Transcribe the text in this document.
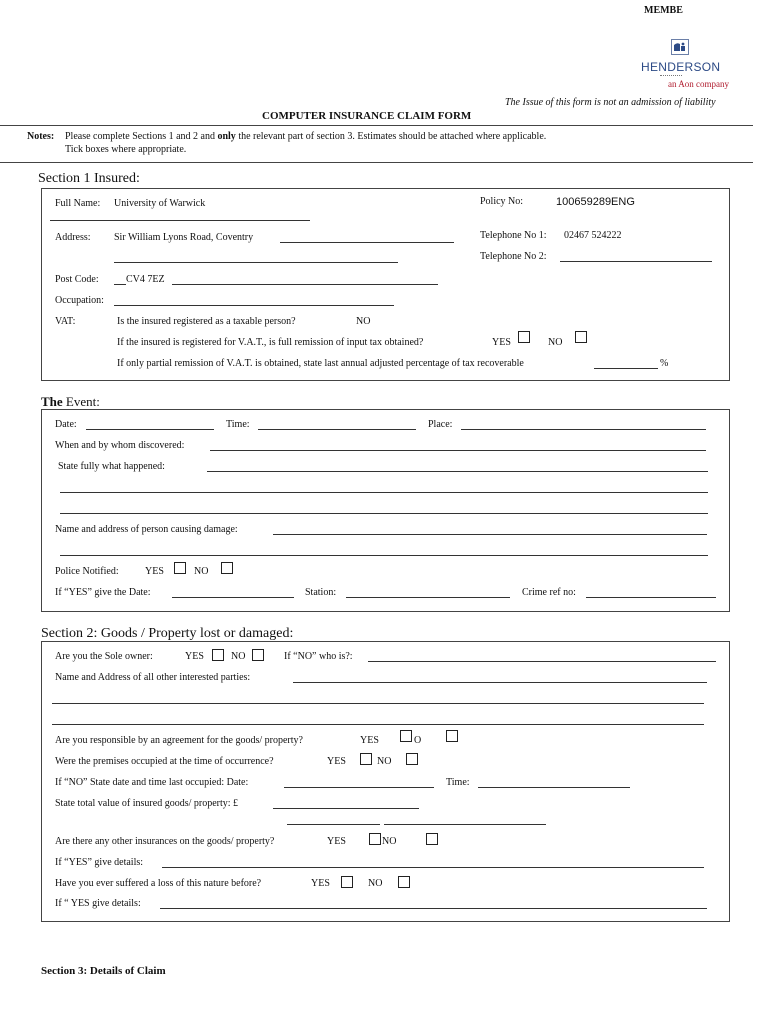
MEMBE
HENDERSON
an Aon company
The Issue of this form is not an admission of liability
COMPUTER INSURANCE CLAIM FORM
Notes: Please complete Sections 1 and 2 and only the relevant part of section 3. Estimates should be attached where applicable.
Tick boxes where appropriate.
Section 1 Insured:
Full Name: University of Warwick	Policy No:	100659289ENG
Address: Sir William Lyons Road, Coventry	Telephone No 1: 02467 524222
Telephone No 2:
Post Code:	CV4 7EZ
Occupation:
VAT:	Is the insured registered as a taxable person?	NO
If the insured is registered for V.A.T., is full remission of input tax obtained?	YES	NO
If only partial remission of V.A.T. is obtained, state last annual adjusted percentage of tax recoverable	%
The Event:
Date:	Time:	Place:
When and by whom discovered:
State fully what happened:
Name and address of person causing damage:
Police Notified:	YES	NO
If “YES” give the Date:	Station:	Crime ref no:
Section 2: Goods / Property lost or damaged:
Are you the Sole owner:	YES	NO	If “NO” who is?:
Name and Address of all other interested parties:
Are you responsible by an agreement for the goods/ property?	YES	O
Were the premises occupied at the time of occurrence?	YES	NO
If “NO” State date and time last occupied: Date:	Time:
State total value of insured goods/ property: £
Are there any other insurances on the goods/ property?	YES	NO
If “YES” give details:
Have you ever suffered a loss of this nature before?	YES	NO
If “ YES give details:
Section 3: Details of Claim
